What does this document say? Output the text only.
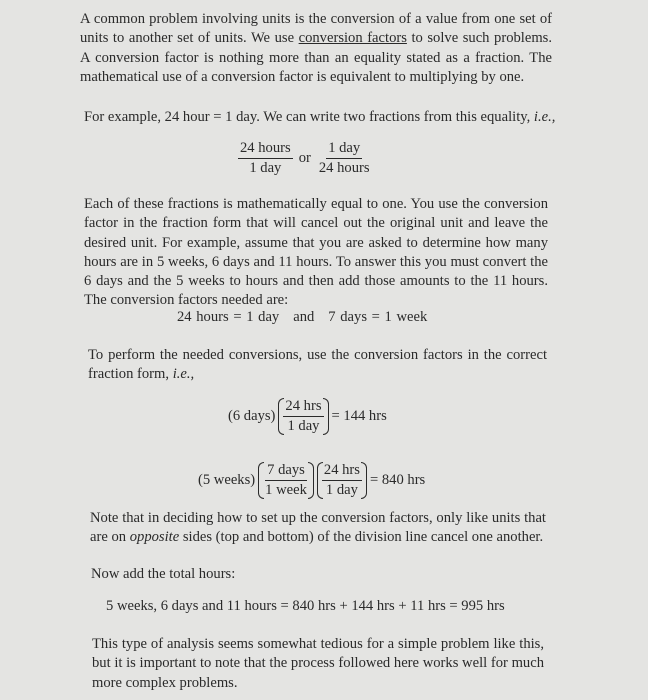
A common problem involving units is the conversion of a value from one set of units to another set of units. We use conversion factors to solve such problems. A conversion factor is nothing more than an equality stated as a fraction. The mathematical use of a conversion factor is equivalent to multiplying by one.
For example, 24 hour = 1 day. We can write two fractions from this equality, i.e.,
$\frac{\text{24 hours}}{\text{1 day}}$ or $\frac{\text{1 day}}{\text{24 hours}}$
Each of these fractions is mathematically equal to one. You use the conversion factor in the fraction form that will cancel out the original unit and leave the desired unit. For example, assume that you are asked to determine how many hours are in 5 weeks, 6 days and 11 hours. To answer this you must convert the 6 days and the 5 weeks to hours and then add those amounts to the 11 hours. The conversion factors needed are:
24 hours = 1 day and 7 days = 1 week
To perform the needed conversions, use the conversion factors in the correct fraction form, i.e.,
(6 days) $\frac{\text{24 hrs}}{\text{1 day}} = 144$ hrs
(5 weeks) $\frac{\text{7 days}}{\text{1 week}} \frac{\text{24 hrs}}{\text{1 day}} = 840$ hrs
Note that in deciding how to set up the conversion factors, only like units that are on opposite sides (top and bottom) of the division line cancel one another.
Now add the total hours:
5 weeks, 6 days and 11 hours = 840 hrs + 144 hrs + 11 hrs = 995 hrs
This type of analysis seems somewhat tedious for a simple problem like this, but it is important to note that the process followed here works well for much more complex problems.
